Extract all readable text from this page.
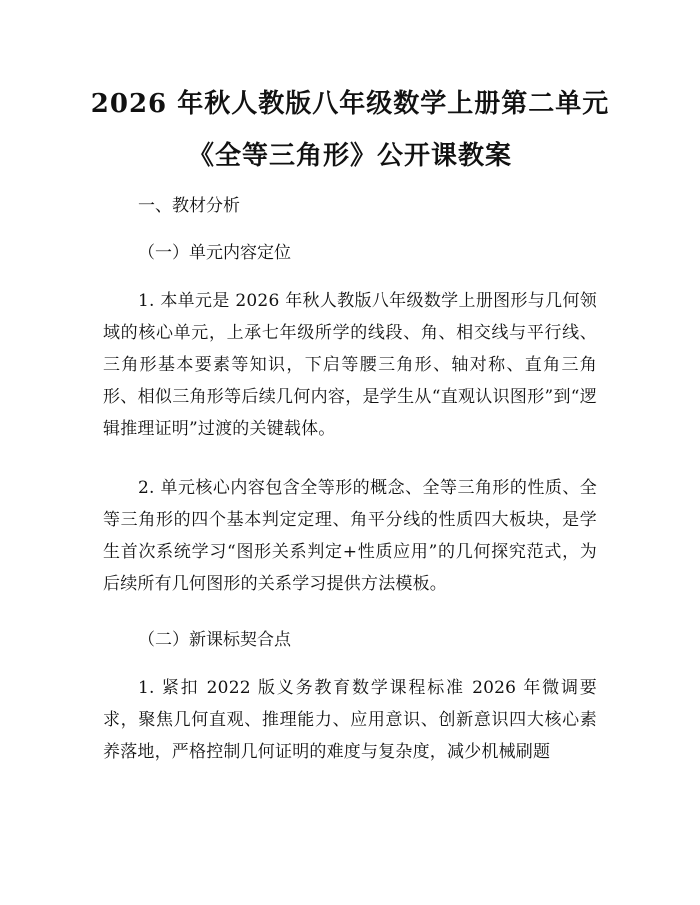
2026 年秋人教版八年级数学上册第二单元
《全等三角形》公开课教案
一、教材分析
（一）单元内容定位
1. 本单元是 2026 年秋人教版八年级数学上册图形与几何领域的核心单元，上承七年级所学的线段、角、相交线与平行线、三角形基本要素等知识，下启等腰三角形、轴对称、直角三角形、相似三角形等后续几何内容，是学生从“直观认识图形”到“逻辑推理证明”过渡的关键载体。
2. 单元核心内容包含全等形的概念、全等三角形的性质、全等三角形的四个基本判定定理、角平分线的性质四大板块，是学生首次系统学习“图形关系判定+性质应用”的几何探究范式，为后续所有几何图形的关系学习提供方法模板。
（二）新课标契合点
1. 紧扣 2022 版义务教育数学课程标准 2026 年微调要求，聚焦几何直观、推理能力、应用意识、创新意识四大核心素养落地，严格控制几何证明的难度与复杂度，减少机械刷题
